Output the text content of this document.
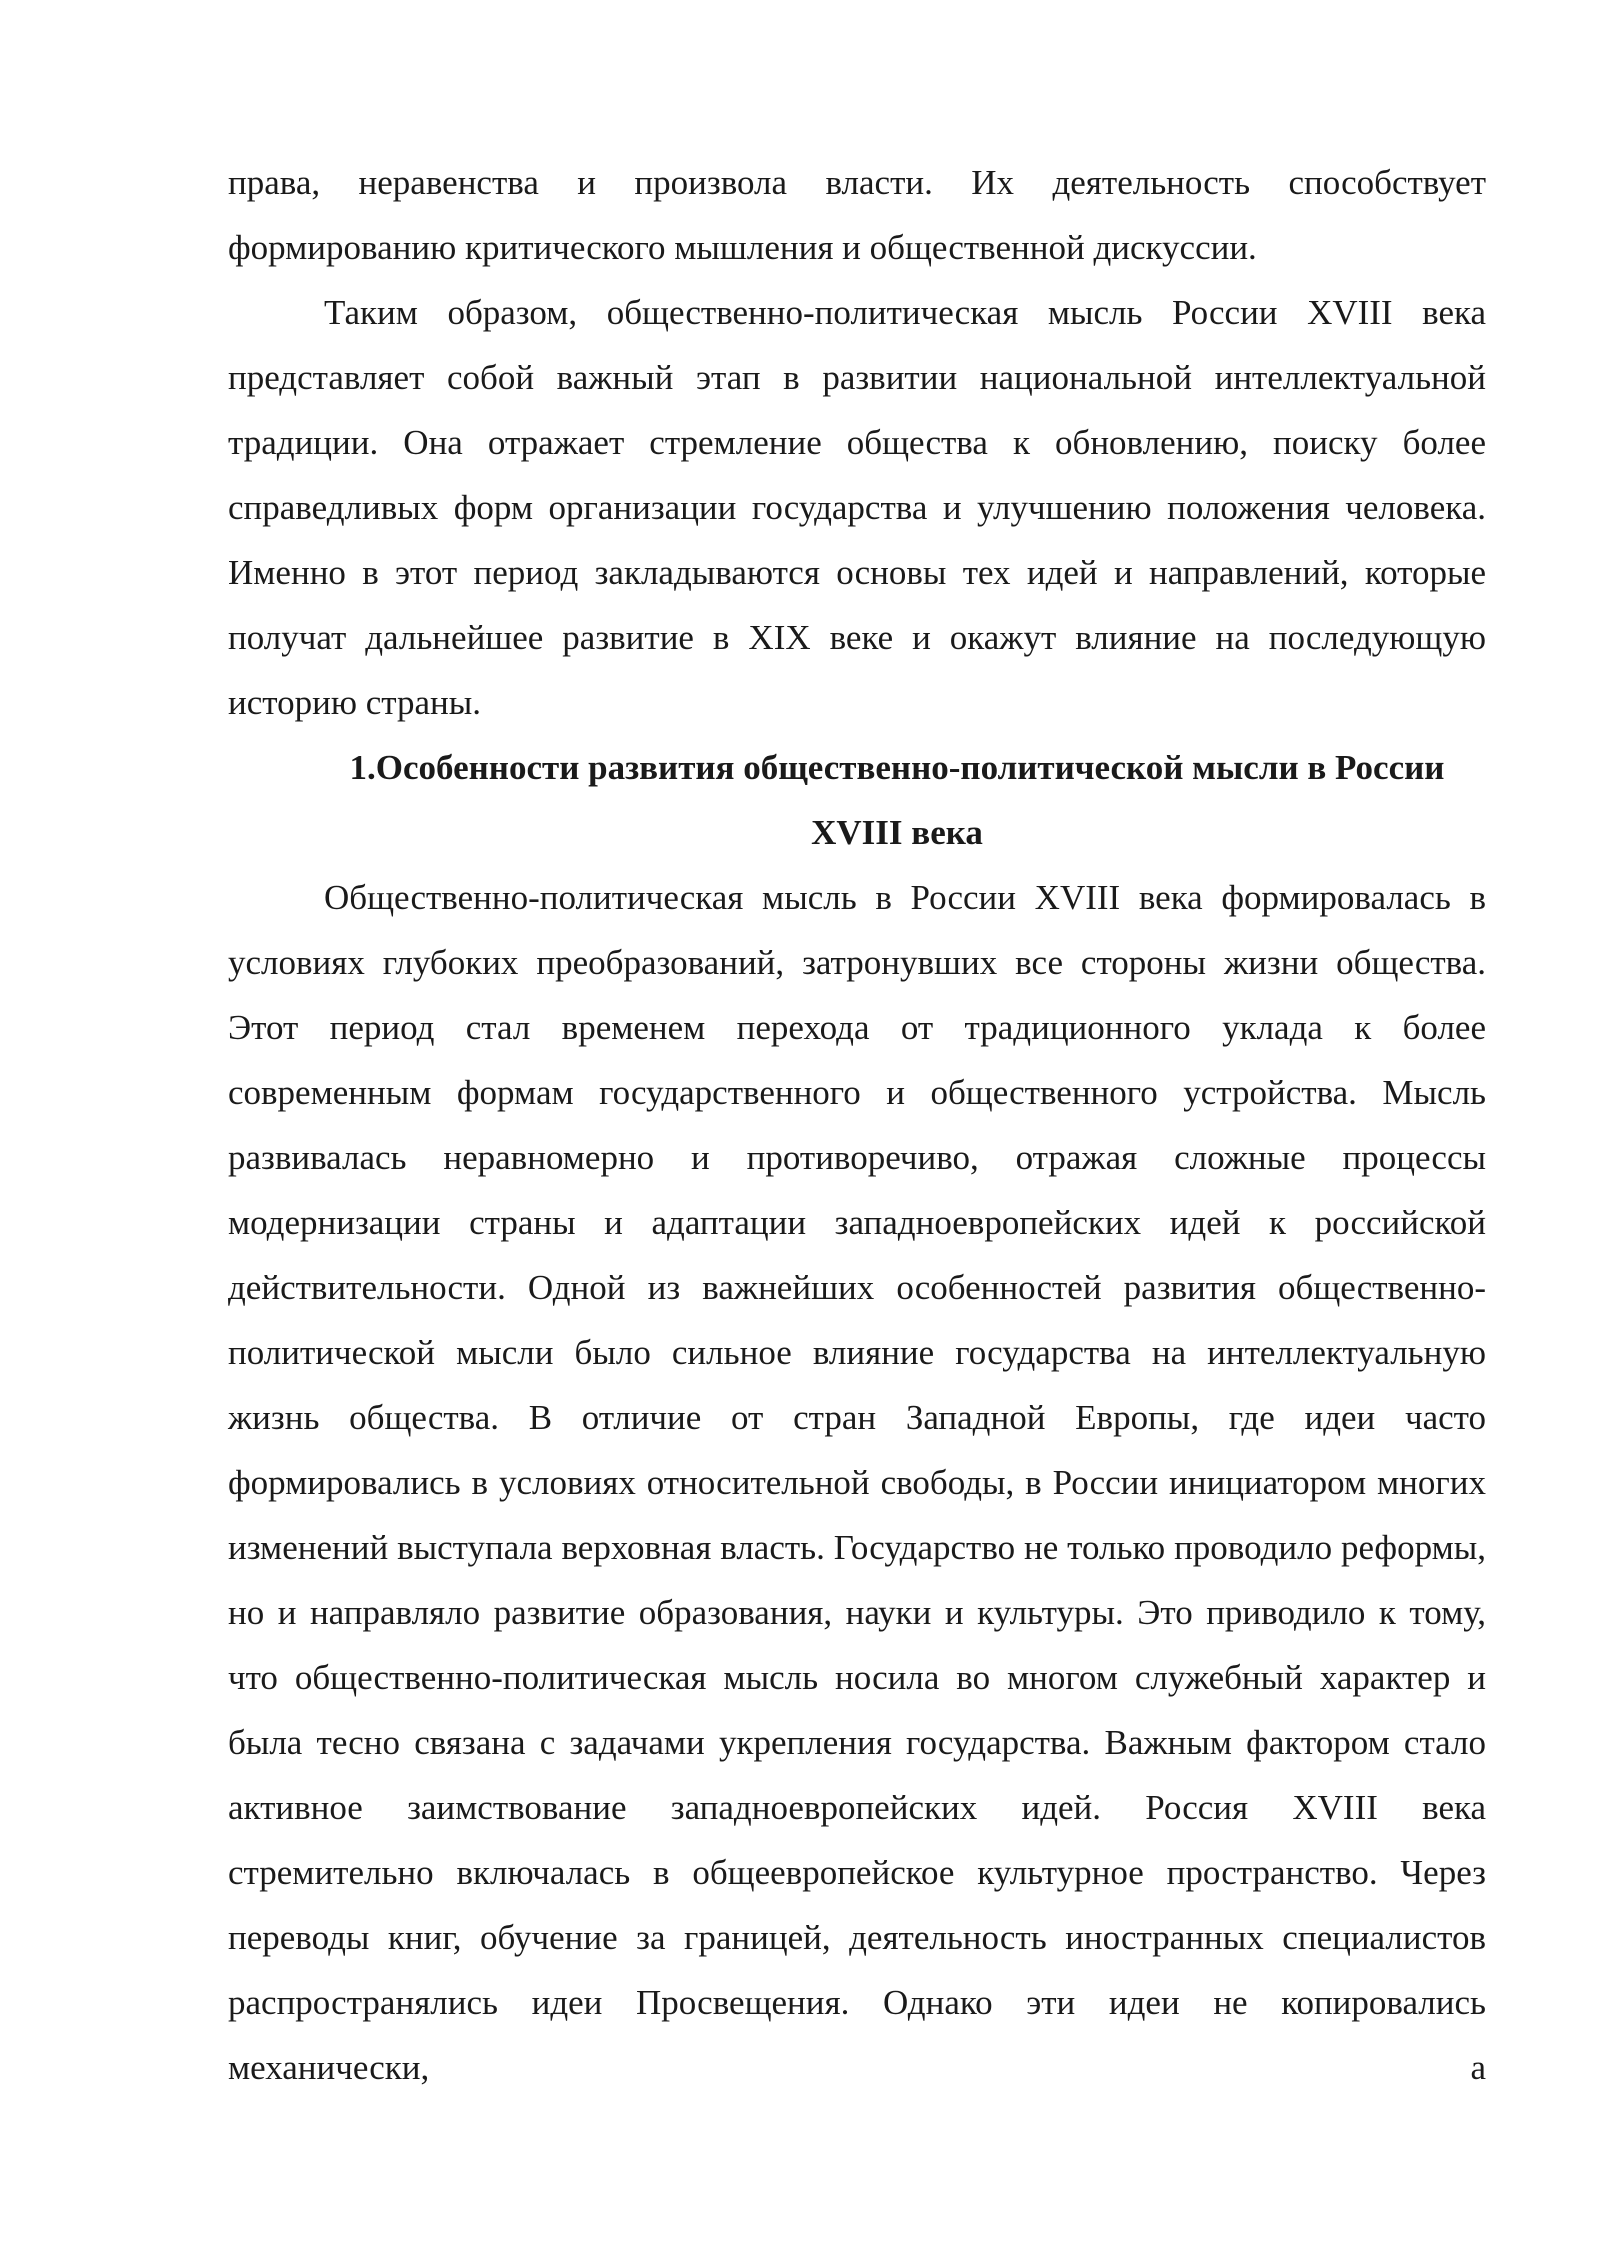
права, неравенства и произвола власти. Их деятельность способствует формированию критического мышления и общественной дискуссии.

Таким образом, общественно-политическая мысль России XVIII века представляет собой важный этап в развитии национальной интеллектуальной традиции. Она отражает стремление общества к обновлению, поиску более справедливых форм организации государства и улучшению положения человека. Именно в этот период закладываются основы тех идей и направлений, которые получат дальнейшее развитие в XIX веке и окажут влияние на последующую историю страны.

1.Особенности развития общественно-политической мысли в России XVIII века

Общественно-политическая мысль в России XVIII века формировалась в условиях глубоких преобразований, затронувших все стороны жизни общества. Этот период стал временем перехода от традиционного уклада к более современным формам государственного и общественного устройства. Мысль развивалась неравномерно и противоречиво, отражая сложные процессы модернизации страны и адаптации западноевропейских идей к российской действительности. Одной из важнейших особенностей развития общественно-политической мысли было сильное влияние государства на интеллектуальную жизнь общества. В отличие от стран Западной Европы, где идеи часто формировались в условиях относительной свободы, в России инициатором многих изменений выступала верховная власть. Государство не только проводило реформы, но и направляло развитие образования, науки и культуры. Это приводило к тому, что общественно-политическая мысль носила во многом служебный характер и была тесно связана с задачами укрепления государства. Важным фактором стало активное заимствование западноевропейских идей. Россия XVIII века стремительно включалась в общеевропейское культурное пространство. Через переводы книг, обучение за границей, деятельность иностранных специалистов распространялись идеи Просвещения. Однако эти идеи не копировались механически, а
